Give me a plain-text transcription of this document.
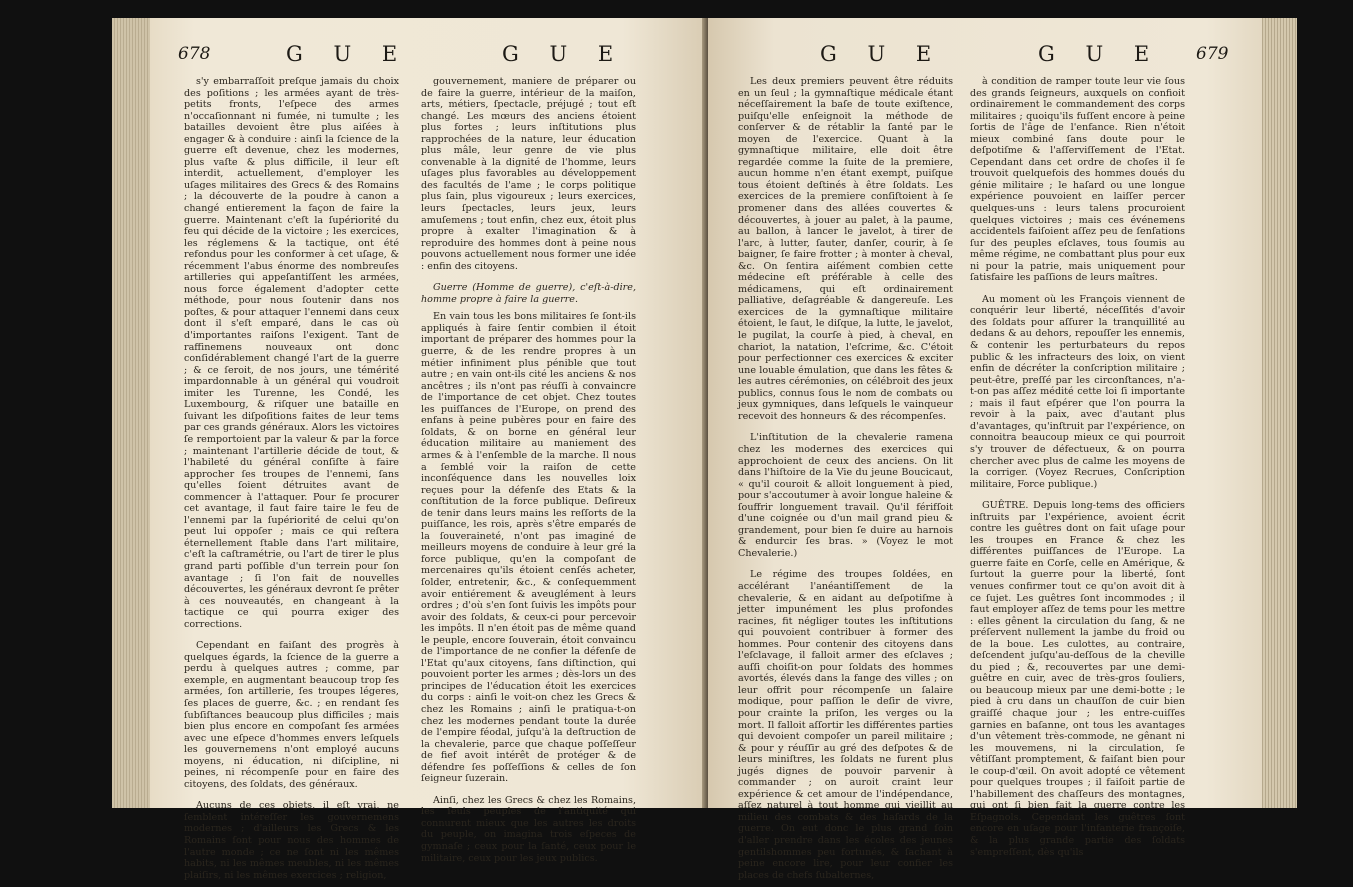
678	G U E	G U E

s'y embarraſſoit preſque jamais du choix des poſitions ; les armées ayant de très-petits fronts, l'eſpece des armes n'occaſionnant ni fumée, ni tumulte ; les batailles devoient être plus aiſées à engager & à conduire : ainſi la ſcience de la guerre eſt devenue, chez les modernes, plus vaſte & plus difficile, il leur eſt interdit, actuellement, d'employer les uſages militaires des Grecs & des Romains ; la découverte de la poudre à canon a changé entierement la façon de faire la guerre. Maintenant c'eſt la ſupériorité du feu qui décide de la victoire ; les exercices, les réglemens & la tactique, ont été refondus pour les conformer à cet uſage, & récemment l'abus énorme des nombreuſes artilleries qui appeſantiſſent les armées, nous force également d'adopter cette méthode, pour nous ſoutenir dans nos poſtes, & pour attaquer l'ennemi dans ceux dont il s'eſt emparé, dans le cas où d'importantes raiſons l'exigent. Tant de raffinemens nouveaux ont donc conſidérablement changé l'art de la guerre ; & ce ſeroit, de nos jours, une témérité impardonnable à un général qui voudroit imiter les Turenne, les Condé, les Luxembourg, & riſquer une bataille en ſuivant les diſpoſitions faites de leur tems par ces grands généraux. Alors les victoires ſe remportoient par la valeur & par la force ; maintenant l'artillerie décide de tout, & l'habileté du général conſiſte à faire approcher ſes troupes de l'ennemi, ſans qu'elles ſoient détruites avant de commencer à l'attaquer. Pour ſe procurer cet avantage, il faut faire taire le feu de l'ennemi par la ſupériorité de celui qu'on peut lui oppoſer ; mais ce qui reſtera éternellement ſtable dans l'art militaire, c'eſt la caſtramétrie, ou l'art de tirer le plus grand parti poſſible d'un terrein pour ſon avantage ; ſi l'on fait de nouvelles découvertes, les généraux devront ſe prêter à ces nouveautés, en changeant à la tactique ce qui pourra exiger des corrections.

Cependant en faiſant des progrès à quelques égards, la ſcience de la guerre a perdu à quelques autres ; comme, par exemple, en augmentant beaucoup trop ſes armées, ſon artillerie, ſes troupes légeres, ſes places de guerre, &c. ; en rendant ſes ſubſiſtances beaucoup plus difficiles ; mais bien plus encore en compoſant ſes armées avec une eſpece d'hommes envers leſquels les gouvernemens n'ont employé aucuns moyens, ni éducation, ni diſcipline, ni peines, ni récompenſe pour en faire des citoyens, des ſoldats, des généraux.

Aucuns de ces objets, il eſt vrai, ne ſemblent intéreſſer les gouvernemens modernes ; d'ailleurs les Grecs & les Romains ſont pour nous des hommes de l'autre monde ; ce ne ſont ni les mêmes habits, ni les mêmes meubles, ni les mêmes plaiſirs, ni les mêmes exercices ; religion,

gouvernement, maniere de préparer ou de faire la guerre, intérieur de la maiſon, arts, métiers, ſpectacle, préjugé ; tout eſt changé. Les mœurs des anciens étoient plus fortes ; leurs inſtitutions plus rapprochées de la nature, leur éducation plus mâle, leur genre de vie plus convenable à la dignité de l'homme, leurs uſages plus favorables au développement des facultés de l'ame ; le corps politique plus ſain, plus vigoureux ; leurs exercices, leurs ſpectacles, leurs jeux, leurs amuſemens ; tout enfin, chez eux, étoit plus propre à exalter l'imagination & à reproduire des hommes dont à peine nous pouvons actuellement nous former une idée : enfin des citoyens.

Guerre (Homme de guerre), c'eſt-à-dire, homme propre à faire la guerre.

En vain tous les bons militaires ſe ſont-ils appliqués à faire ſentir combien il étoit important de préparer des hommes pour la guerre, & de les rendre propres à un métier infiniment plus pénible que tout autre ; en vain ont-ils cité les anciens & nos ancêtres ; ils n'ont pas réuſſi à convaincre de l'importance de cet objet. Chez toutes les puiſſances de l'Europe, on prend des enfans à peine pubères pour en faire des ſoldats, & on borne en général leur éducation militaire au maniement des armes & à l'enſemble de la marche. Il nous a ſemblé voir la raiſon de cette inconſéquence dans les nouvelles loix reçues pour la défenſe des Etats & la conſtitution de la force publique. Deſireux de tenir dans leurs mains les reſſorts de la puiſſance, les rois, après s'être emparés de la ſouveraineté, n'ont pas imaginé de meilleurs moyens de conduire à leur gré la force publique, qu'en la compoſant de mercenaires qu'ils étoient cenſés acheter, ſolder, entretenir, &c., & conſequemment avoir entiérement & aveuglément à leurs ordres ; d'où s'en ſont ſuivis les impôts pour avoir des ſoldats, & ceux-ci pour percevoir les impôts. Il n'en étoit pas de même quand le peuple, encore ſouverain, étoit convaincu de l'importance de ne confier la défenſe de l'Etat qu'aux citoyens, ſans diſtinction, qui pouvoient porter les armes ; dès-lors un des principes de l'éducation étoit les exercices du corps : ainſi le voit-on chez les Grecs & chez les Romains ; ainſi le pratiqua-t-on chez les modernes pendant toute la durée de l'empire féodal, juſqu'à la deſtruction de la chevalerie, parce que chaque poſſeſſeur de fief avoit intérêt de protéger & de défendre ſes poſſeſſions & celles de ſon ſeigneur ſuzerain.

Ainſi, chez les Grecs & chez les Romains, les ſeuls peuples de l'antiquité qui connurent mieux que les autres les droits du peuple, on imagina trois eſpeces de gymnaſe ; ceux pour la ſanté, ceux pour le militaire, ceux pour les jeux publics.

G U E	G U E 679

Les deux premiers peuvent être réduits en un ſeul ; la gymnaſtique médicale étant néceſſairement la baſe de toute exiſtence, puiſqu'elle enſeignoit la méthode de conſerver & de rétablir la ſanté par le moyen de l'exercice. Quant à la gymnaſtique militaire, elle doit être regardée comme la ſuite de la premiere, aucun homme n'en étant exempt, puiſque tous étoient deſtinés à être ſoldats. Les exercices de la premiere conſiſtoient à ſe promener dans des allées couvertes & découvertes, à jouer au palet, à la paume, au ballon, à lancer le javelot, à tirer de l'arc, à lutter, ſauter, danſer, courir, à ſe baigner, ſe faire frotter ; à monter à cheval, &c. On ſentira aiſément combien cette médecine eſt préférable à celle des médicamens, qui eſt ordinairement palliative, deſagréable & dangereuſe. Les exercices de la gymnaſtique militaire étoient, le ſaut, le diſque, la lutte, le javelot, le pugilat, la courſe à pied, à cheval, en chariot, la natation, l'eſcrime, &c. C'étoit pour perfectionner ces exercices & exciter une louable émulation, que dans les fêtes & les autres cérémonies, on célébroit des jeux publics, connus ſous le nom de combats ou jeux gymniques, dans leſquels le vainqueur recevoit des honneurs & des récompenſes.

L'inſtitution de la chevalerie ramena chez les modernes des exercices qui approchoient de ceux des anciens. On lit dans l'hiſtoire de la Vie du jeune Boucicaut, « qu'il couroit & alloit longuement à pied, pour s'accoutumer à avoir longue haleine & ſouffrir longuement travail. Qu'il férifſoit d'une coignée ou d'un mail grand pieu & grandement, pour bien ſe duire au harnois & endurcir ſes bras. » (Voyez le mot Chevalerie.)

Le régime des troupes ſoldées, en accélérant l'anéantiſſement de la chevalerie, & en aidant au deſpotiſme à jetter impunément les plus profondes racines, fit négliger toutes les inſtitutions qui pouvoient contribuer à former des hommes. Pour contenir des citoyens dans l'eſclavage, il falloit armer des eſclaves ; auſſi choiſit-on pour ſoldats des hommes avortés, élevés dans la fange des villes ; on leur offrit pour récompenſe un ſalaire modique, pour paſſion le deſir de vivre, pour crainte la priſon, les verges ou la mort. Il falloit aſſortir les différentes parties qui devoient compoſer un pareil militaire ; & pour y réuſſir au gré des deſpotes & de leurs miniſtres, les ſoldats ne furent plus jugés dignes de pouvoir parvenir à commander ; on auroit craint leur expérience & cet amour de l'indépendance, aſſez naturel à tout homme qui vieillit au milieu des combats & des haſards de la guerre. On eut donc le plus grand ſoin d'aller prendre dans les écoles des jeunes gentilshommes peu fortunés, & ſachant à peine encore lire, pour leur confier les places de chefs ſubalternes,

à condition de ramper toute leur vie ſous des grands ſeigneurs, auxquels on confioit ordinairement le commandement des corps militaires ; quoiqu'ils fuſſent encore à peine ſortis de l'âge de l'enfance. Rien n'étoit mieux combiné ſans doute pour le deſpotiſme & l'aſſerviſſement de l'Etat. Cependant dans cet ordre de choſes il ſe trouvoit quelquefois des hommes doués du génie militaire ; le haſard ou une longue expérience pouvoient en laiſſer percer quelques-uns : leurs talens procuroient quelques victoires ; mais ces événemens accidentels faiſoient aſſez peu de ſenſations ſur des peuples eſclaves, tous ſoumis au même régime, ne combattant plus pour eux ni pour la patrie, mais uniquement pour ſatisfaire les paſſions de leurs maîtres.

Au moment où les François viennent de conquérir leur liberté, néceſſités d'avoir des ſoldats pour aſſurer la tranquillité au dedans & au dehors, repouſſer les ennemis, & contenir les perturbateurs du repos public & les infracteurs des loix, on vient enfin de décréter la conſcription militaire ; peut-être, preſſé par les circonſtances, n'a-t-on pas aſſez médité cette loi ſi importante ; mais il faut eſpérer que l'on pourra la revoir à la paix, avec d'autant plus d'avantages, qu'inſtruit par l'expérience, on connoitra beaucoup mieux ce qui pourroit s'y trouver de défectueux, & on pourra chercher avec plus de calme les moyens de la corriger. (Voyez Recrues, Conſcription militaire, Force publique.)

GUÊTRE. Depuis long-tems des officiers inſtruits par l'expérience, avoient écrit contre les guêtres dont on fait uſage pour les troupes en France & chez les différentes puiſſances de l'Europe. La guerre faite en Corſe, celle en Amérique, & ſurtout la guerre pour la liberté, ſont venues confirmer tout ce qu'on avoit dit à ce ſujet. Les guêtres ſont incommodes ; il faut employer aſſez de tems pour les mettre : elles gênent la circulation du ſang, & ne préſervent nullement la jambe du froid ou de la boue. Les culottes, au contraire, deſcendent juſqu'au-deſſous de la cheville du pied ; &, recouvertes par une demi-guêtre en cuir, avec de très-gros ſouliers, ou beaucoup mieux par une demi-botte ; le pied à cru dans un chauſſon de cuir bien graiſſé chaque jour ; les entre-cuiſſes garnies en baſanne, ont tous les avantages d'un vêtement très-commode, ne gênant ni les mouvemens, ni la circulation, ſe vêtiſſant promptement, & faiſant bien pour le coup-d'œil. On avoit adopté ce vêtement pour quelques troupes ; il faiſoit partie de l'habillement des chaſſeurs des montagnes, qui ont ſi bien fait la guerre contre les Eſpagnols. Cependant les guêtres ſont encore en uſage pour l'infanterie françoiſe, & la plus grande partie des ſoldats s'empreſſent, dès qu'ils
